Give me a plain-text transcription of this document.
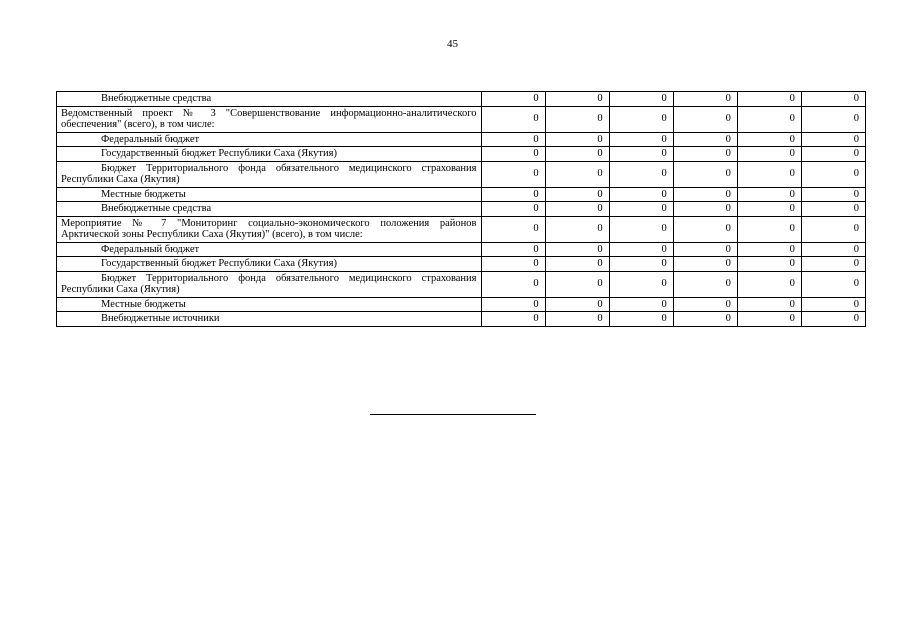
45
Внебюджетные средства	0	0	0	0	0	0
Ведомственный проект № 3 "Совершенствование информационно-аналитического обеспечения" (всего), в том числе:	0	0	0	0	0	0
Федеральный бюджет	0	0	0	0	0	0
Государственный бюджет Республики Саха (Якутия)	0	0	0	0	0	0
Бюджет Территориального фонда обязательного медицинского страхования Республики Саха (Якутия)	0	0	0	0	0	0
Местные бюджеты	0	0	0	0	0	0
Внебюджетные средства	0	0	0	0	0	0
Мероприятие № 7 "Мониторинг социально-экономического положения районов Арктической зоны Республики Саха (Якутия)" (всего), в том числе:	0	0	0	0	0	0
Федеральный бюджет	0	0	0	0	0	0
Государственный бюджет Республики Саха (Якутия)	0	0	0	0	0	0
Бюджет Территориального фонда обязательного медицинского страхования Республики Саха (Якутия)	0	0	0	0	0	0
Местные бюджеты	0	0	0	0	0	0
Внебюджетные источники	0	0	0	0	0	0
